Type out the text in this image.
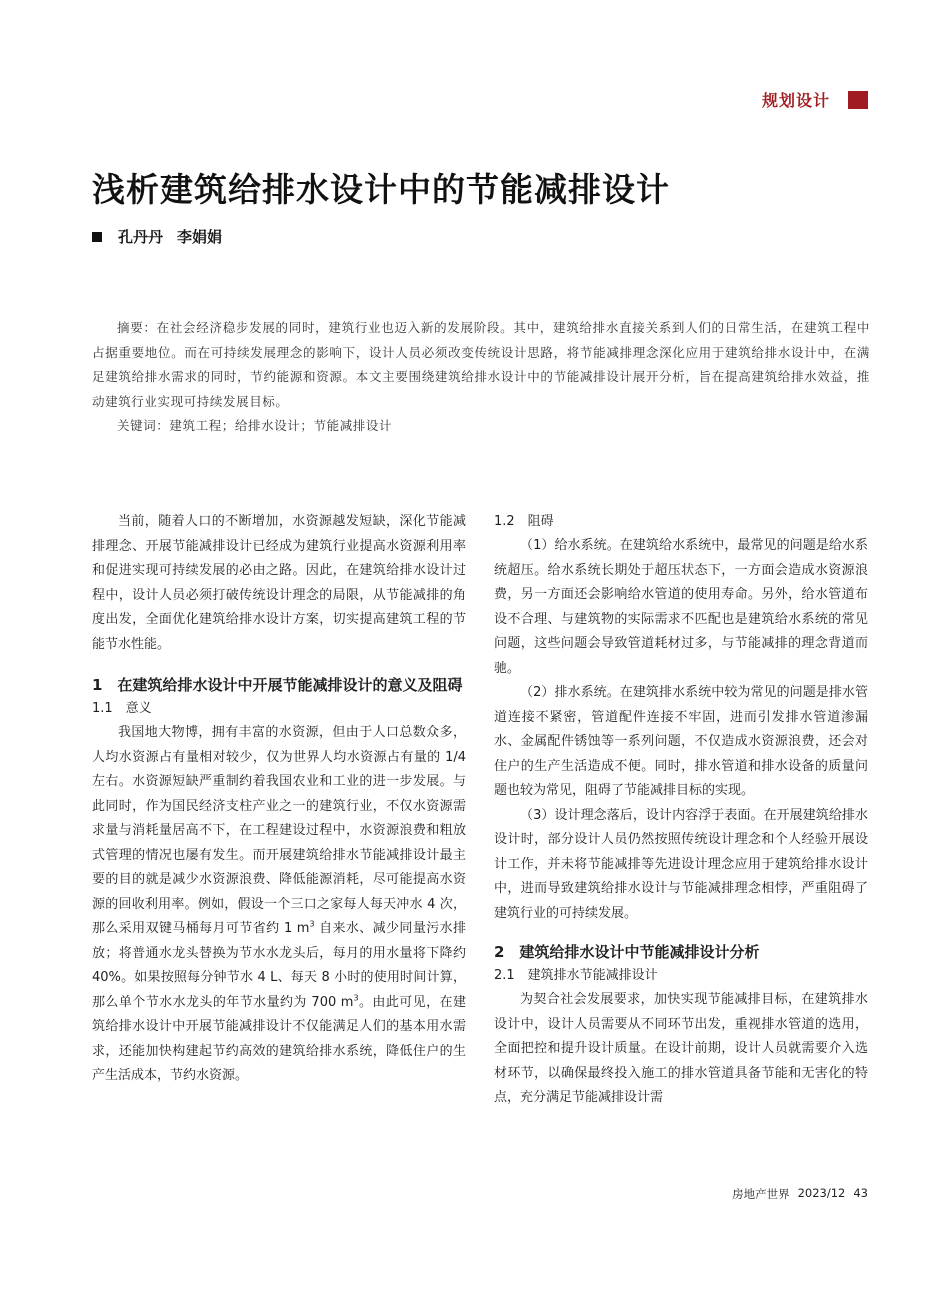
规划设计
浅析建筑给排水设计中的节能减排设计
孔丹丹 李娟娟

摘要：在社会经济稳步发展的同时，建筑行业也迈入新的发展阶段。其中，建筑给排水直接关系到人们的日常生活，在建筑工程中占据重要地位。而在可持续发展理念的影响下，设计人员必须改变传统设计思路，将节能减排理念深化应用于建筑给排水设计中，在满足建筑给排水需求的同时，节约能源和资源。本文主要围绕建筑给排水设计中的节能减排设计展开分析，旨在提高建筑给排水效益，推动建筑行业实现可持续发展目标。

关键词：建筑工程；给排水设计；节能减排设计

当前，随着人口的不断增加，水资源越发短缺，深化节能减排理念、开展节能减排设计已经成为建筑行业提高水资源利用率和促进实现可持续发展的必由之路。因此，在建筑给排水设计过程中，设计人员必须打破传统设计理念的局限，从节能减排的角度出发，全面优化建筑给排水设计方案，切实提高建筑工程的节能节水性能。

1　在建筑给排水设计中开展节能减排设计的意义及阻碍

1.1　意义

我国地大物博，拥有丰富的水资源，但由于人口总数众多，人均水资源占有量相对较少，仅为世界人均水资源占有量的 1/4 左右。水资源短缺严重制约着我国农业和工业的进一步发展。与此同时，作为国民经济支柱产业之一的建筑行业，不仅水资源需求量与消耗量居高不下，在工程建设过程中，水资源浪费和粗放式管理的情况也屡有发生。而开展建筑给排水节能减排设计最主要的目的就是减少水资源浪费、降低能源消耗，尽可能提高水资源的回收利用率。例如，假设一个三口之家每人每天冲水 4 次，那么采用双键马桶每月可节省约 1 $m^3$ 自来水、减少同量污水排放；将普通水龙头替换为节水水龙头后，每月的用水量将下降约 40%。如果按照每分钟节水 4 L、每天 8 小时的使用时间计算，那么单个节水水龙头的年节水量约为 700 $m^3$。由此可见，在建筑给排水设计中开展节能减排设计不仅能满足人们的基本用水需求，还能加快构建起节约高效的建筑给排水系统，降低住户的生产生活成本，节约水资源。

1.2　阻碍

（1）给水系统。在建筑给水系统中，最常见的问题是给水系统超压。给水系统长期处于超压状态下，一方面会造成水资源浪费，另一方面还会影响给水管道的使用寿命。另外，给水管道布设不合理、与建筑物的实际需求不匹配也是建筑给水系统的常见问题，这些问题会导致管道耗材过多，与节能减排的理念背道而驰。

（2）排水系统。在建筑排水系统中较为常见的问题是排水管道连接不紧密，管道配件连接不牢固，进而引发排水管道渗漏水、金属配件锈蚀等一系列问题，不仅造成水资源浪费，还会对住户的生产生活造成不便。同时，排水管道和排水设备的质量问题也较为常见，阻碍了节能减排目标的实现。

（3）设计理念落后，设计内容浮于表面。在开展建筑给排水设计时，部分设计人员仍然按照传统设计理念和个人经验开展设计工作，并未将节能减排等先进设计理念应用于建筑给排水设计中，进而导致建筑给排水设计与节能减排理念相悖，严重阻碍了建筑行业的可持续发展。

2　建筑给排水设计中节能减排设计分析

2.1　建筑排水节能减排设计

为契合社会发展要求，加快实现节能减排目标，在建筑排水设计中，设计人员需要从不同环节出发，重视排水管道的选用，全面把控和提升设计质量。在设计前期，设计人员就需要介入选材环节，以确保最终投入施工的排水管道具备节能和无害化的特点，充分满足节能减排设计需

房地产世界 2023/12 43
